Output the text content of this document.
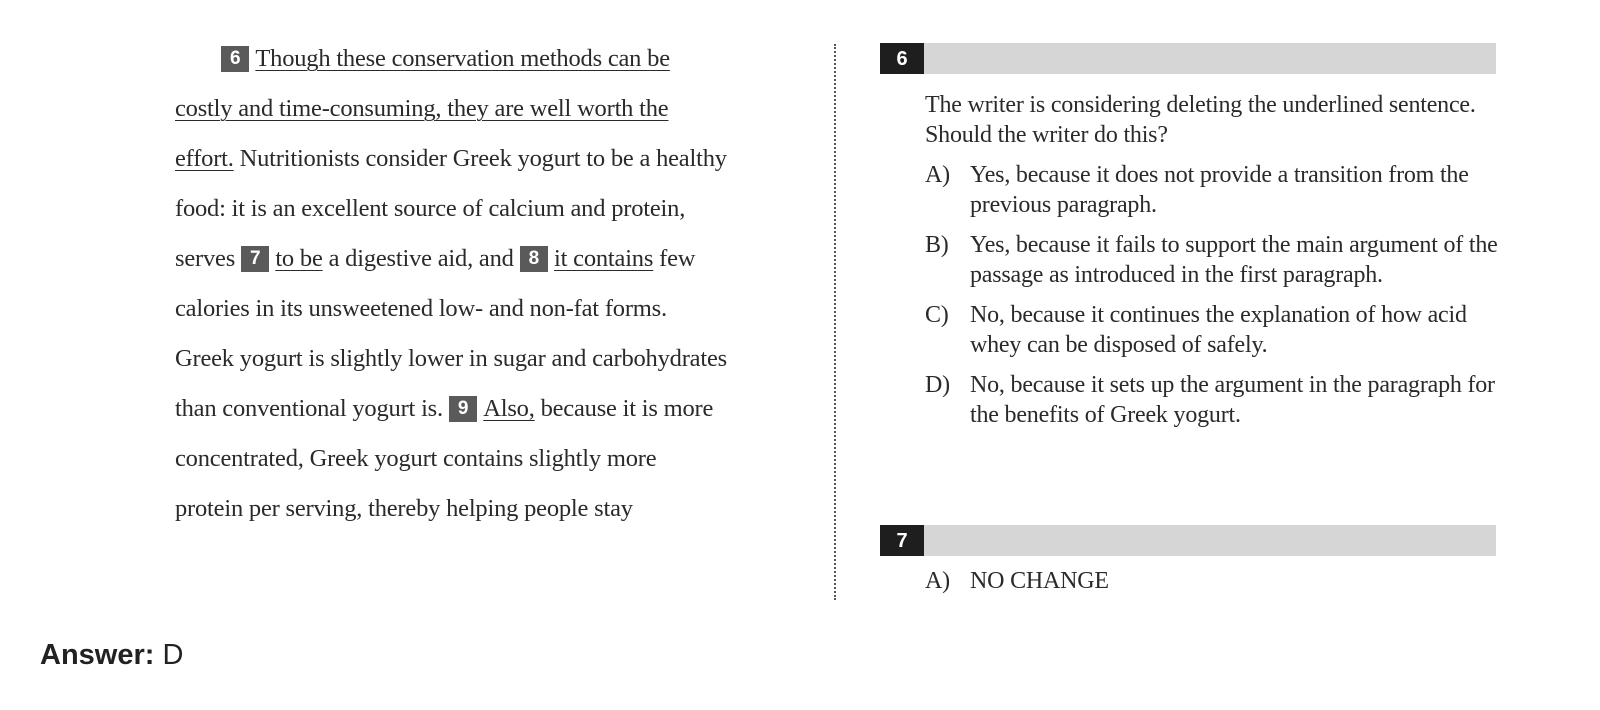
6 Though these conservation methods can be
costly and time-consuming, they are well worth the
effort. Nutritionists consider Greek yogurt to be a healthy
food: it is an excellent source of calcium and protein,
serves 7 to be a digestive aid, and 8 it contains few
calories in its unsweetened low- and non-fat forms.
Greek yogurt is slightly lower in sugar and carbohydrates
than conventional yogurt is. 9 Also, because it is more
concentrated, Greek yogurt contains slightly more
protein per serving, thereby helping people stay
6
The writer is considering deleting the underlined sentence. Should the writer do this?
A) Yes, because it does not provide a transition from the previous paragraph.
B) Yes, because it fails to support the main argument of the passage as introduced in the first paragraph.
C) No, because it continues the explanation of how acid whey can be disposed of safely.
D) No, because it sets up the argument in the paragraph for the benefits of Greek yogurt.
7
A) NO CHANGE
Answer: D
